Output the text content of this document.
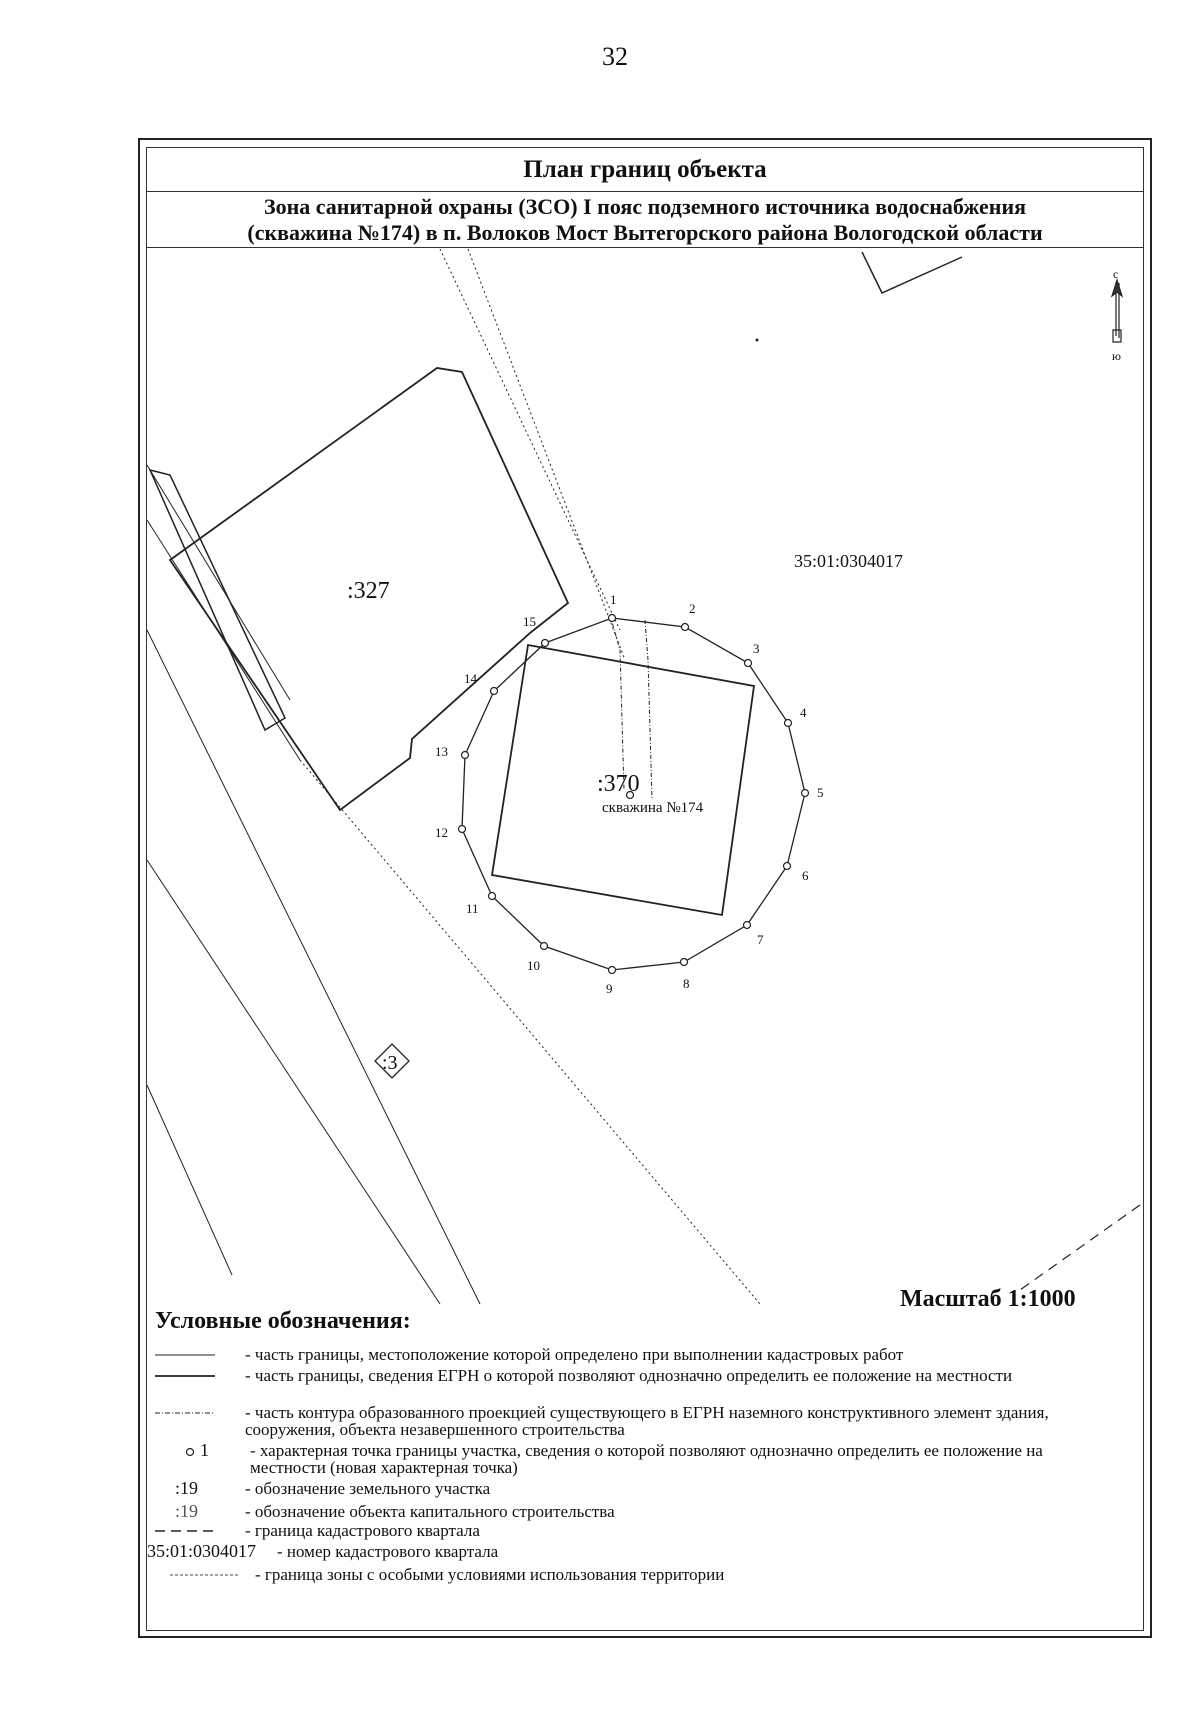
32
План границ объекта
Зона санитарной охраны (ЗСО) I пояс подземного источника водоснабжения
(скважина №174) в п. Волоков Мост Вытегорского района Вологодской области
1
2
3
4
5
6
7
8
9
10
11
12
13
14
15
:327
:370
скважина №174
35:01:0304017
:3
с
ю
Масштаб 1:1000
Условные обозначения:
- часть границы, местоположение которой определено при выполнении кадастровых работ
- часть границы, сведения ЕГРН о которой позволяют однозначно определить ее положение на местности
- часть контура образованного проекцией существующего в ЕГРН наземного конструктивного элемент здания, сооружения, объекта незавершенного строительства
1 - характерная точка границы участка, сведения о которой позволяют однозначно определить ее положение на местности (новая характерная точка)
:19	- обозначение земельного участка
:19	- обозначение объекта капитального строительства
- граница кадастрового квартала
35:01:0304017 - номер кадастрового квартала
- граница зоны с особыми условиями использования территории
